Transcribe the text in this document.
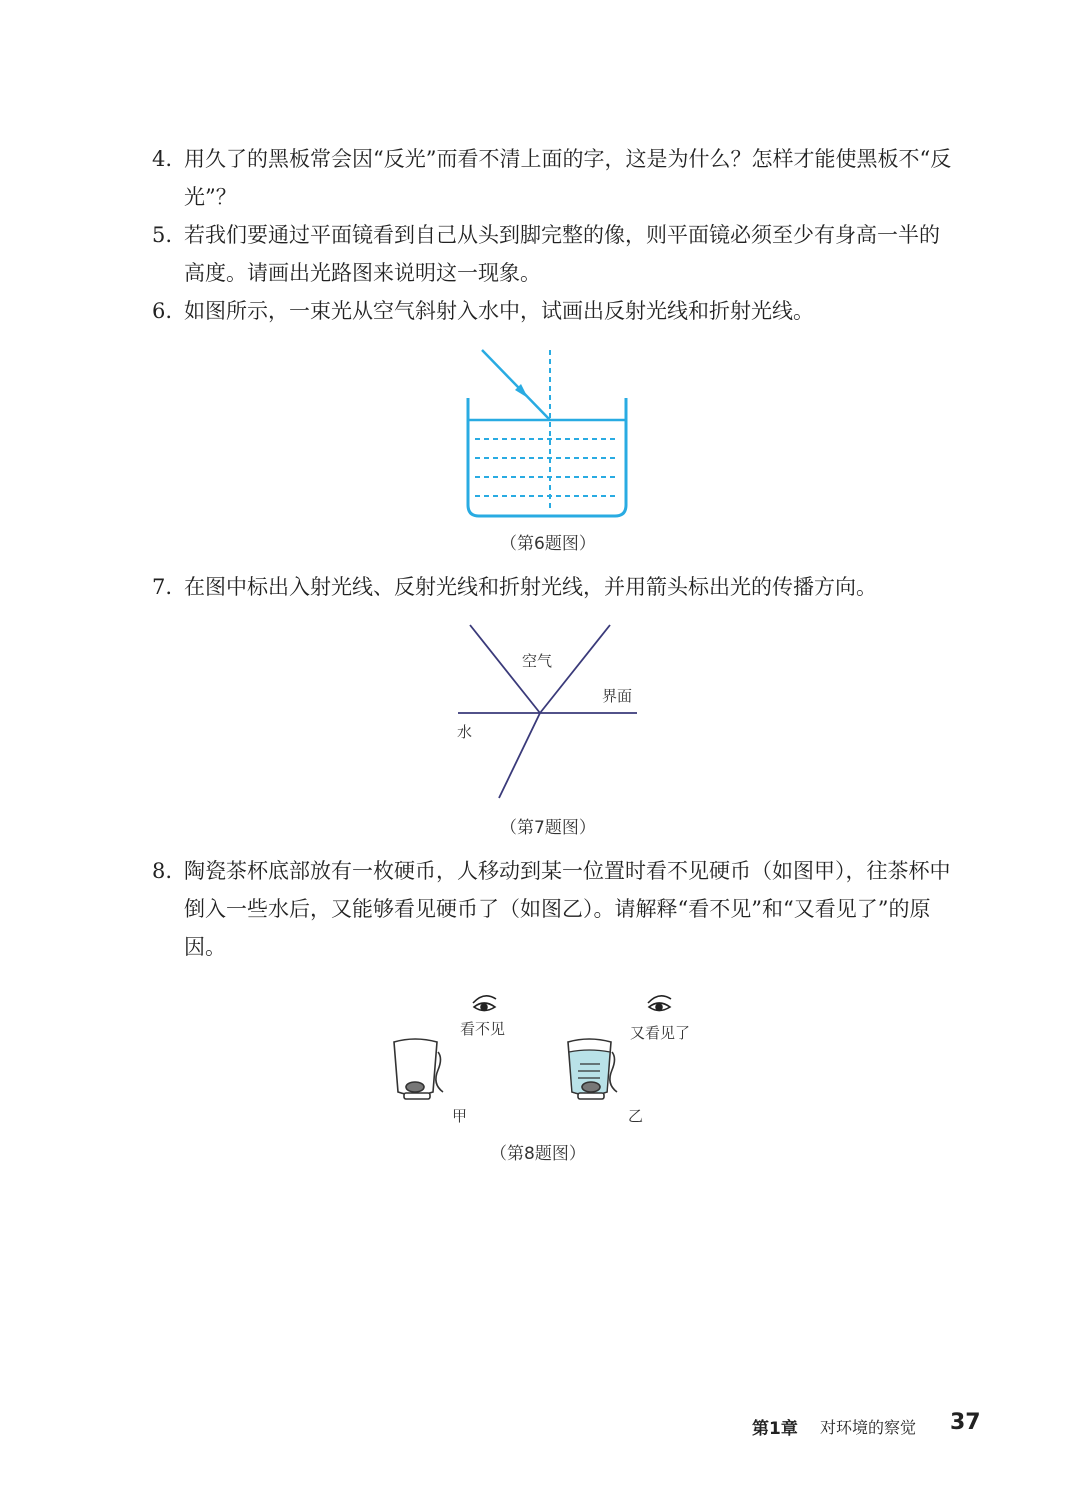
4. 用久了的黑板常会因“反光”而看不清上面的字，这是为什么？怎样才能使黑板不“反光”？
5. 若我们要通过平面镜看到自己从头到脚完整的像，则平面镜必须至少有身高一半的高度。请画出光路图来说明这一现象。
6. 如图所示，一束光从空气斜射入水中，试画出反射光线和折射光线。
（第6题图）
7. 在图中标出入射光线、反射光线和折射光线，并用箭头标出光的传播方向。
空气
界面
水
（第7题图）
8. 陶瓷茶杯底部放有一枚硬币，人移动到某一位置时看不见硬币（如图甲），往茶杯中倒入一些水后，又能够看见硬币了（如图乙）。请解释“看不见”和“又看见了”的原因。
看不见
甲
又看见了
乙
（第8题图）
第1章 对环境的察觉 37
